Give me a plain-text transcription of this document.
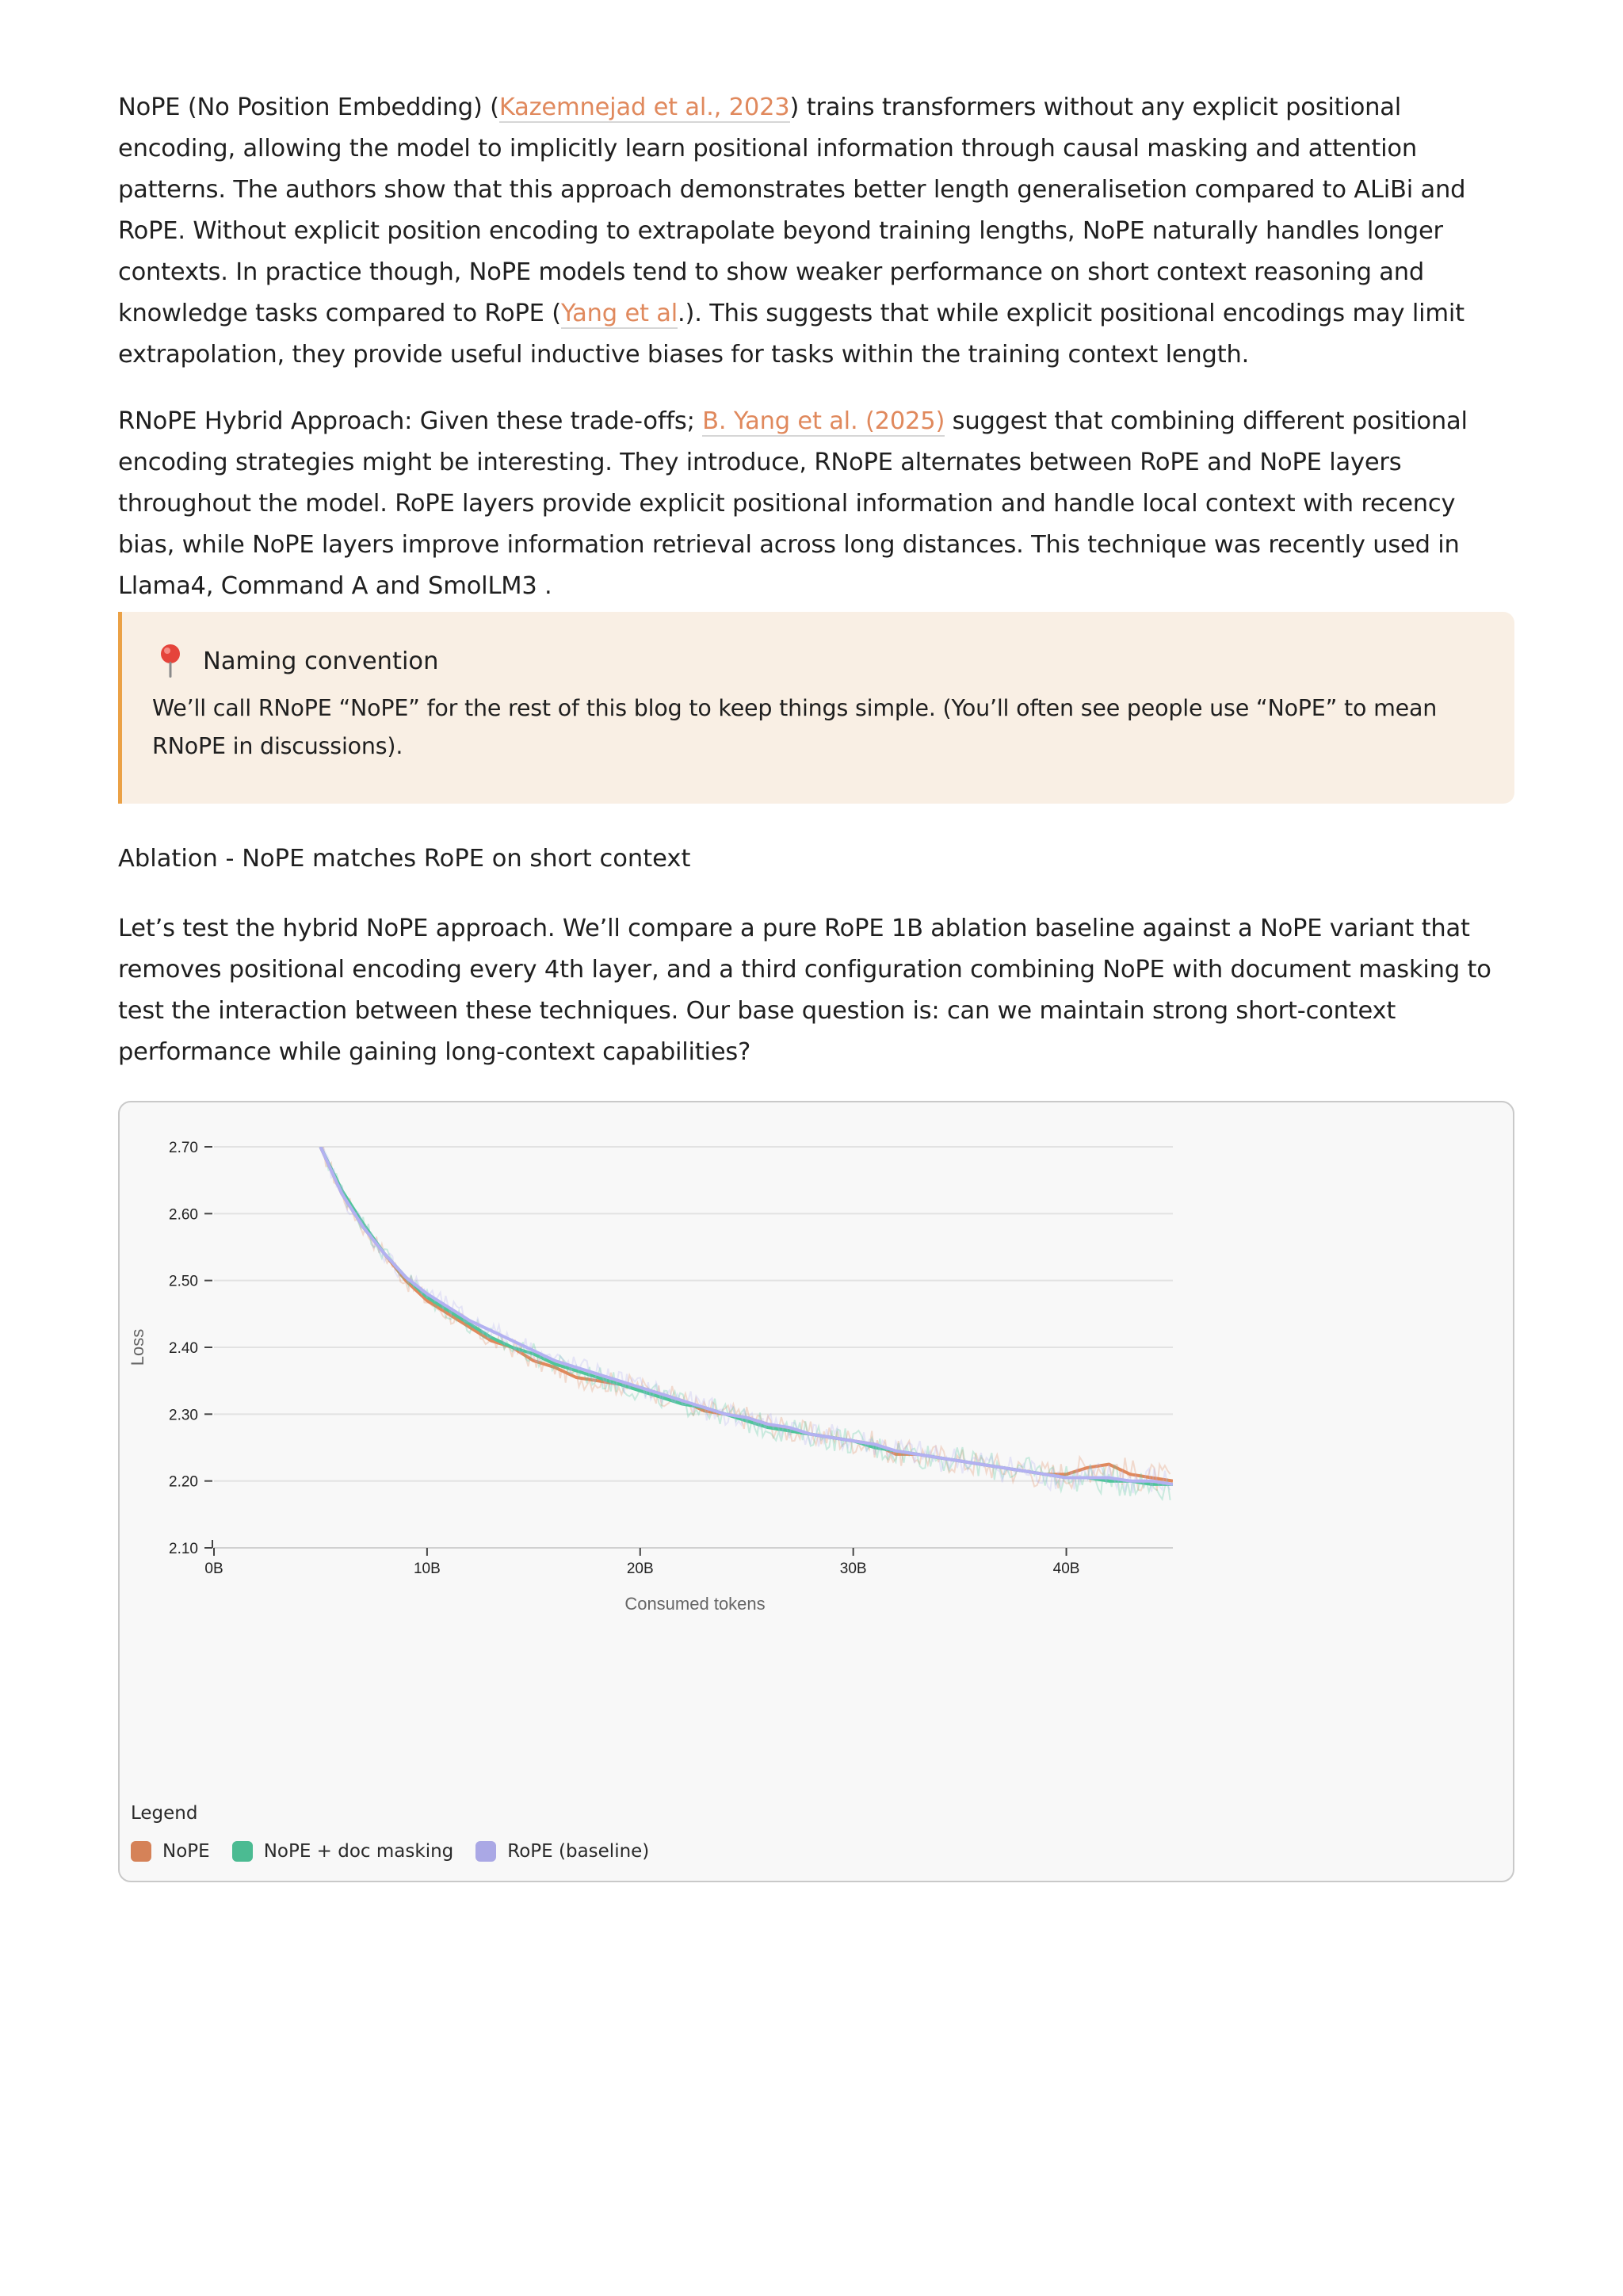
NoPE (No Position Embedding) (Kazemnejad et al., 2023) trains transformers without any explicit positional encoding, allowing the model to implicitly learn positional information through causal masking and attention patterns. The authors show that this approach demonstrates better length generalisetion compared to ALiBi and RoPE. Without explicit position encoding to extrapolate beyond training lengths, NoPE naturally handles longer contexts. In practice though, NoPE models tend to show weaker performance on short context reasoning and knowledge tasks compared to RoPE (Yang et al.). This suggests that while explicit positional encodings may limit extrapolation, they provide useful inductive biases for tasks within the training context length.

RNoPE Hybrid Approach: Given these trade-offs; B. Yang et al. (2025) suggest that combining different positional encoding strategies might be interesting. They introduce, RNoPE alternates between RoPE and NoPE layers throughout the model. RoPE layers provide explicit positional information and handle local context with recency bias, while NoPE layers improve information retrieval across long distances. This technique was recently used in Llama4, Command A and SmolLM3 .

Naming convention
We’ll call RNoPE “NoPE” for the rest of this blog to keep things simple. (You’ll often see people use “NoPE” to mean RNoPE in discussions).
Ablation - NoPE matches RoPE on short context

Let’s test the hybrid NoPE approach. We’ll compare a pure RoPE 1B ablation baseline against a NoPE variant that removes positional encoding every 4th layer, and a third configuration combining NoPE with document masking to test the interaction between these techniques. Our base question is: can we maintain strong short-context performance while gaining long-context capabilities?

2.70
2.60
2.50
2.40
2.30
2.20
2.10
0B	10B	20B	30B	40B
Consumed tokens
Loss
Legend
NoPE	NoPE + doc masking	RoPE (baseline)
